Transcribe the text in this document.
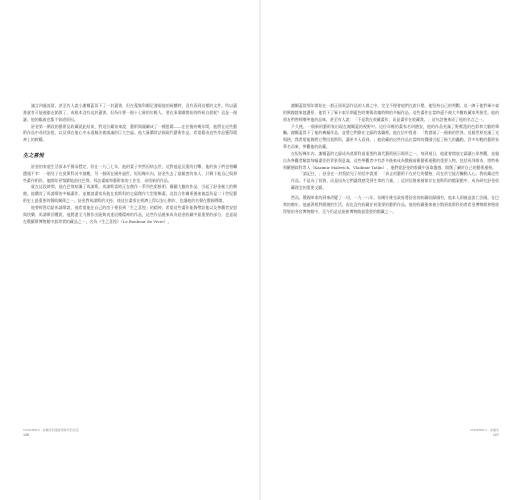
議言四處流竄，甚至有人說小謝爾蓋留下了一封遺書，但在蒐集科爾尼發現他的屍體時，沒有看到這樣的文件。所以遺書就有可能被偷走銷毀了，或根本沒有這封遺書。但為什麼一個十七歲的年輕人，要在事業剛開始的時候自殺呢？這是一個謎，他的親戚也都不知道原因。

舒金第一階段的藝術品收藏就此結束，對這位藏家來說，藝術與親屬成了一種慰藉——在往後的幾年間，他將在這些藝術作品中尋找安慰，以及那在他心中永遠無法被填滿的巨大空虛。他大量購買法國現代藝術作品，希望藉由這些作品獲得精神上的救贖。

生之喜悅

舒金的家庭生活原本平靜而穩定，但在一九〇七年，他的妻子突然因病去世，這對他是沉重的打擊。他的孩子們也相繼遭遇不幸：一個兒子在莫斯科河中溺斃，另一個則在國外過世。短短幾年內，舒金失去了最親密的家人，只剩下他自己與那些畫作相伴。他開始更頻繁地前往巴黎，拜訪畫廊和藝術家的工作室，尋找新的作品。

就在這段時間，他在巴黎結識了馬諦斯。馬諦斯當時正在創作一系列色彩鮮明、構圖大膽的作品，引起了舒金極大的興趣。他購買了馬諦斯的多幅畫作，並邀請畫家為他在莫斯科的宅邸創作大型裝飾畫。這段合作關係後來被認為是二十世紀藝術史上最重要的贊助關係之一。舒金對馬諦斯的支持，使這位畫家在經濟上得以安心創作，也讓他的名聲在俄國傳開。

他曾經寫信給馬諦斯說，他希望能在自己的房子裡看到「生之喜悅」的精神，希望這些畫作能夠帶給他以及參觀者安慰與快樂。馬諦斯回覆說，他將盡全力創作出能夠表達這種精神的作品，這些作品後來成為舒金收藏中最重要的部分，也是現在俄羅斯博物館中最珍貴的藏品之一，名為《生之喜悅》（Le Bonheur de Vivre）。

CHAPTER 5 · 收藏家的遺產與時代的洪流
106

謝爾蓋從那年開始在一群正面英語作品的人群之中，完全不理會他們在說什麼，他堅持自己的判斷。這一陣子他對畢卡索的興趣越來越濃厚，他買下了畢卡索早期藍色時期與玫瑰時期的多幅作品，這些畫作在當時還不被大多數收藏家所接受。他的朋友們曾經嘲笑他的品味，甚至有人說：「不是我在收藏畫作，而是畫作在收藏我。」這句話後來成了他的名言之一。

不久後，一個新的藝術家出現在謝爾蓋的視野中。這位年輕的畫家名叫德安，他的作品充滿了野獸派的色彩和大膽的筆觸。謝爾蓋買下了他的幾幅作品，並將它們掛在宅邸的客廳裡。他在信中寫道：「我發現了一個新的世界，這個世界充滿了光與熱，我希望能夠將它帶回莫斯科，讓更多人看到。」他收藏的這些作品在當時的俄國引起了極大的轟動，許多年輕的藝術家慕名而來，參觀他的收藏。

在短短幾年內，謝爾蓋的宅邸成為莫斯科最重要的現代藝術展示場所之一。每到週日，他就會開放宅邸讓公眾參觀，並親自為參觀者解說每幅畫作的背景與意義。這些參觀者中有許多後來成為俄國前衛藝術運動的重要人物，包括馬列維奇、塔特林和羅德欽科等人（Kazimir Malevich、Vladimir Tatlin），他們從舒金的收藏中汲取靈感，開創了屬於自己的藝術風格。

「請記住，」舒金在一封寫給兒子的信中說道：「真正的藝術不在於它的價格，而在於它能否觸動人心。我收藏這些作品，不是為了投資，而是因為它們讓我感受到生命的力量。」這封信後來被保存在莫斯科的檔案館中，成為研究舒金收藏理念的重要文獻。

然而，俄國革命的到來改變了一切。一九一八年，布爾什維克政府將舒金的收藏收歸國有，他本人則被迫流亡法國。在巴黎的晚年，他過著相對簡樸的生活，再也沒有收藏任何重要的藝術作品。他的收藏後來被分散到莫斯科的普希金博物館和聖彼得堡的冬宮博物館中，至今仍是這兩座博物館最重要的館藏之一。

CHAPTER 5 · 收藏家
107
